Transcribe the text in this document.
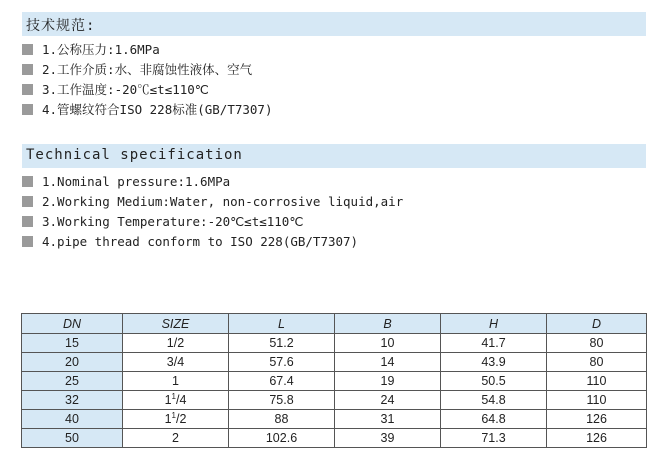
技术规范:
1.公称压力:1.6MPa
2.工作介质:水、非腐蚀性液体、空气
3.工作温度:-20℃≤t≤110℃
4.管螺纹符合ISO 228标准(GB/T7307)
Technical specification
1.Nominal pressure:1.6MPa
2.Working Medium:Water, non-corrosive liquid,air
3.Working Temperature:-20℃≤t≤110℃
4.pipe thread conform to ISO 228(GB/T7307)
DN	SIZE	L	B	H	D
15	1/2	51.2	10	41.7	80
20	3/4	57.6	14	43.9	80
25	1	67.4	19	50.5	110
32	$1^1/4$	75.8	24	54.8	110
40	$1^1/2$	88	31	64.8	126
50	2	102.6	39	71.3	126
